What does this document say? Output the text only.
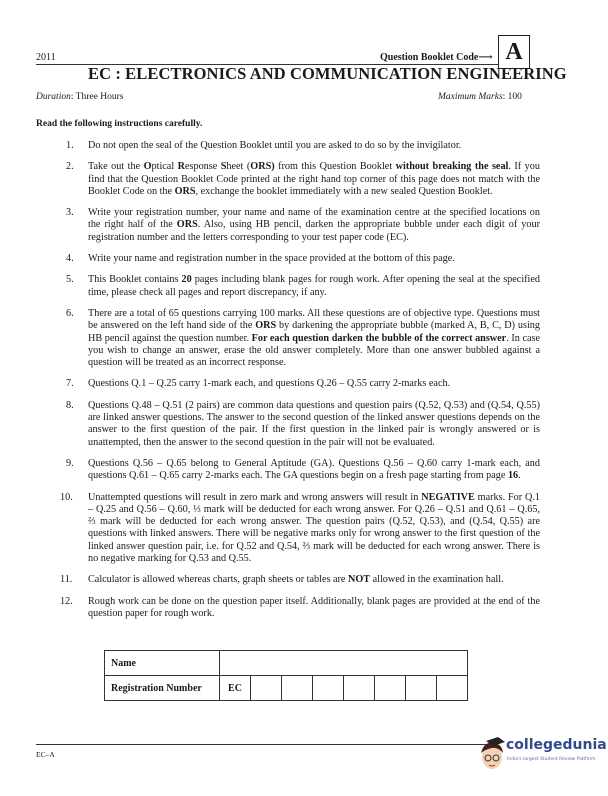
2011	Question Booklet Code⟶ A
EC : ELECTRONICS AND COMMUNICATION ENGINEERING
Duration: Three Hours	Maximum Marks: 100
Read the following instructions carefully.
1.	Do not open the seal of the Question Booklet until you are asked to do so by the invigilator.
2.	Take out the Optical Response Sheet (ORS) from this Question Booklet without breaking the seal. If you find that the Question Booklet Code printed at the right hand top corner of this page does not match with the Booklet Code on the ORS, exchange the booklet immediately with a new sealed Question Booklet.
3.	Write your registration number, your name and name of the examination centre at the specified locations on the right half of the ORS. Also, using HB pencil, darken the appropriate bubble under each digit of your registration number and the letters corresponding to your test paper code (EC).
4.	Write your name and registration number in the space provided at the bottom of this page.
5.	This Booklet contains 20 pages including blank pages for rough work. After opening the seal at the specified time, please check all pages and report discrepancy, if any.
6.	There are a total of 65 questions carrying 100 marks. All these questions are of objective type. Questions must be answered on the left hand side of the ORS by darkening the appropriate bubble (marked A, B, C, D) using HB pencil against the question number. For each question darken the bubble of the correct answer. In case you wish to change an answer, erase the old answer completely. More than one answer bubbled against a question will be treated as an incorrect response.
7.	Questions Q.1 – Q.25 carry 1-mark each, and questions Q.26 – Q.55 carry 2-marks each.
8.	Questions Q.48 – Q.51 (2 pairs) are common data questions and question pairs (Q.52, Q.53) and (Q.54, Q.55) are linked answer questions. The answer to the second question of the linked answer questions depends on the answer to the first question of the pair. If the first question in the linked pair is wrongly answered or is unattempted, then the answer to the second question in the pair will not be evaluated.
9.	Questions Q.56 – Q.65 belong to General Aptitude (GA). Questions Q.56 – Q.60 carry 1-mark each, and questions Q.61 – Q.65 carry 2-marks each. The GA questions begin on a fresh page starting from page 16.
10.	Unattempted questions will result in zero mark and wrong answers will result in NEGATIVE marks. For Q.1 – Q.25 and Q.56 – Q.60, ⅓ mark will be deducted for each wrong answer. For Q.26 – Q.51 and Q.61 – Q.65, ⅔ mark will be deducted for each wrong answer. The question pairs (Q.52, Q.53), and (Q.54, Q.55) are questions with linked answers. There will be negative marks only for wrong answer to the first question of the linked answer question pair, i.e. for Q.52 and Q.54, ⅔ mark will be deducted for each wrong answer. There is no negative marking for Q.53 and Q.55.
11.	Calculator is allowed whereas charts, graph sheets or tables are NOT allowed in the examination hall.
12.	Rough work can be done on the question paper itself. Additionally, blank pages are provided at the end of the question paper for rough work.
Name								
Registration Number	EC							
EC–A
collegedunia
India's largest Student Review Platform
